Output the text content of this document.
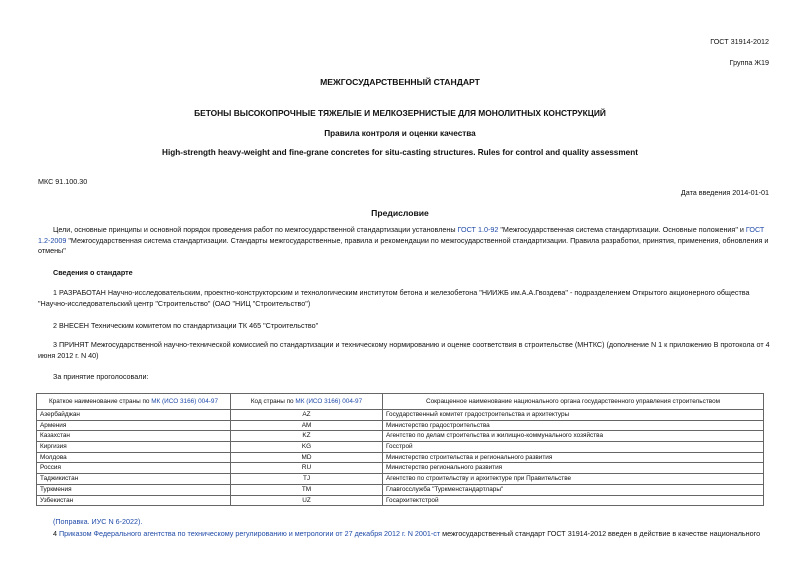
ГОСТ 31914-2012
Группа Ж19
МЕЖГОСУДАРСТВЕННЫЙ СТАНДАРТ
БЕТОНЫ ВЫСОКОПРОЧНЫЕ ТЯЖЕЛЫЕ И МЕЛКОЗЕРНИСТЫЕ ДЛЯ МОНОЛИТНЫХ КОНСТРУКЦИЙ
Правила контроля и оценки качества
High-strength heavy-weight and fine-grane concretes for situ-casting structures. Rules for control and quality assessment
МКС 91.100.30
Дата введения 2014-01-01
Предисловие
Цели, основные принципы и основной порядок проведения работ по межгосударственной стандартизации установлены ГОСТ 1.0-92 "Межгосударственная система стандартизации. Основные положения" и ГОСТ
1.2-2009 "Межгосударственная система стандартизации. Стандарты межгосударственные, правила и рекомендации по межгосударственной стандартизации. Правила разработки, принятия, применения, обновления и
отмены"
Сведения о стандарте
1 РАЗРАБОТАН Научно-исследовательским, проектно-конструкторским и технологическим институтом бетона и железобетона "НИИЖБ им.А.А.Гвоздева" - подразделением Открытого акционерного общества
"Научно-исследовательский центр "Строительство" (ОАО "НИЦ "Строительство")
2 ВНЕСЕН Техническим комитетом по стандартизации ТК 465 "Строительство"
3 ПРИНЯТ Межгосударственной научно-технической комиссией по стандартизации и техническому нормированию и оценке соответствия в строительстве (МНТКС) (дополнение N 1 к приложению В протокола от 4
июня 2012 г. N 40)
За принятие проголосовали:
Краткое наименование страны по МК (ИСО 3166) 004-97	Код страны по МК (ИСО 3166) 004-97	Сокращенное наименование национального органа государственного управления строительством
Азербайджан	AZ	Государственный комитет градостроительства и архитектуры
Армения	AM	Министерство градостроительства
Казахстан	KZ	Агентство по делам строительства и жилищно-коммунального хозяйства
Киргизия	KG	Госстрой
Молдова	MD	Министерство строительства и регионального развития
Россия	RU	Министерство регионального развития
Таджикистан	TJ	Агентство по строительству и архитектуре при Правительстве
Туркмения	TM	Главгосслужба "Туркменстандартлары"
Узбекистан	UZ	Госархитектстрой
(Поправка. ИУС N 6-2022).
4 Приказом Федерального агентства по техническому регулированию и метрологии от 27 декабря 2012 г. N 2001-ст межгосударственный стандарт ГОСТ 31914-2012 введен в действие в качестве национального
